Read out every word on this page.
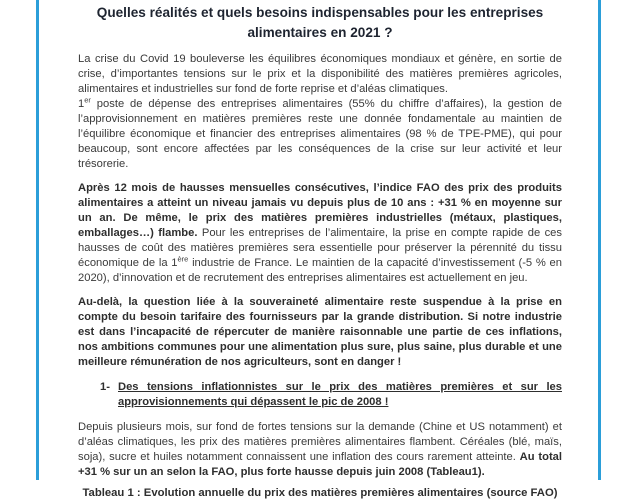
Quelles réalités et quels besoins indispensables pour les entreprises alimentaires en 2021 ?

La crise du Covid 19 bouleverse les équilibres économiques mondiaux et génère, en sortie de crise, d’importantes tensions sur le prix et la disponibilité des matières premières agricoles, alimentaires et industrielles sur fond de forte reprise et d’aléas climatiques.

1er poste de dépense des entreprises alimentaires (55% du chiffre d’affaires), la gestion de l’approvisionnement en matières premières reste une donnée fondamentale au maintien de l’équilibre économique et financier des entreprises alimentaires (98 % de TPE-PME), qui pour beaucoup, sont encore affectées par les conséquences de la crise sur leur activité et leur trésorerie.

Après 12 mois de hausses mensuelles consécutives, l’indice FAO des prix des produits alimentaires a atteint un niveau jamais vu depuis plus de 10 ans : +31 % en moyenne sur un an. De même, le prix des matières premières industrielles (métaux, plastiques, emballages…) flambe. Pour les entreprises de l’alimentaire, la prise en compte rapide de ces hausses de coût des matières premières sera essentielle pour préserver la pérennité du tissu économique de la 1ère industrie de France. Le maintien de la capacité d’investissement (-5 % en 2020), d’innovation et de recrutement des entreprises alimentaires est actuellement en jeu.

Au-delà, la question liée à la souveraineté alimentaire reste suspendue à la prise en compte du besoin tarifaire des fournisseurs par la grande distribution. Si notre industrie est dans l’incapacité de répercuter de manière raisonnable une partie de ces inflations, nos ambitions communes pour une alimentation plus sure, plus saine, plus durable et une meilleure rémunération de nos agriculteurs, sont en danger !

1- Des tensions inflationnistes sur le prix des matières premières et sur les approvisionnements qui dépassent le pic de 2008 !

Depuis plusieurs mois, sur fond de fortes tensions sur la demande (Chine et US notamment) et d’aléas climatiques, les prix des matières premières alimentaires flambent. Céréales (blé, maïs, soja), sucre et huiles notamment connaissent une inflation des cours rarement atteinte. Au total +31 % sur un an selon la FAO, plus forte hausse depuis juin 2008 (Tableau1).

Tableau 1 : Evolution annuelle du prix des matières premières alimentaires (source FAO)
